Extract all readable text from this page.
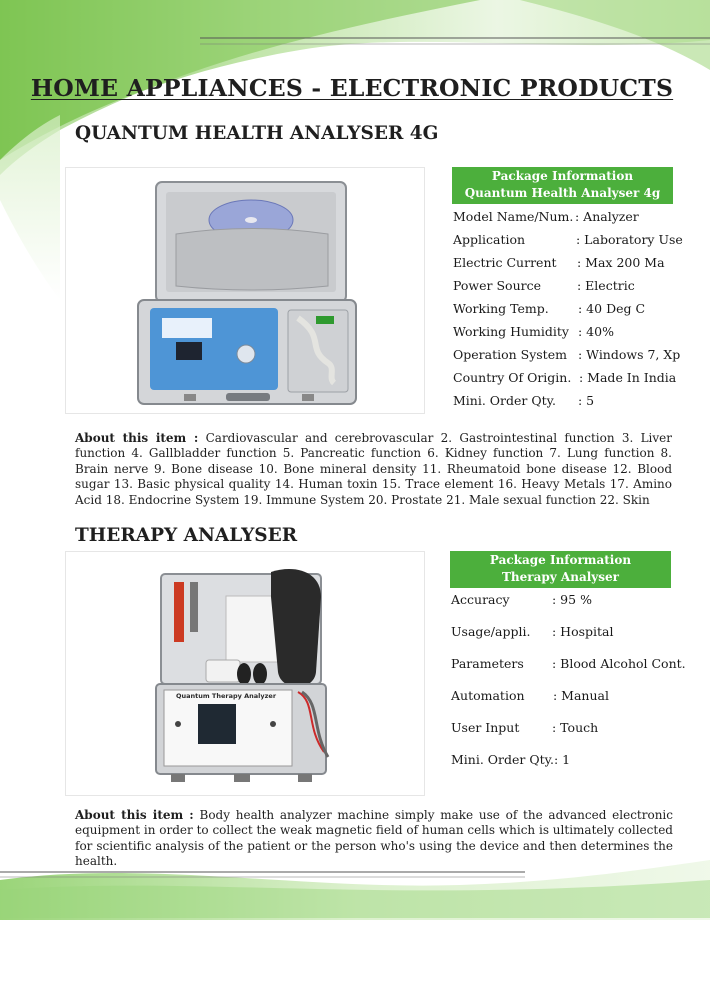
HOME APPLIANCES - ELECTRONIC PRODUCTS
QUANTUM HEALTH ANALYSER 4G
Package Information
Quantum Health Analyser 4g
Model Name/Num. : Analyzer
Application	: Laboratory Use
Electric Current : Max 200 Ma
Power Source	: Electric
Working Temp. : 40 Deg C
Working Humidity : 40%
Operation System : Windows 7, Xp
Country Of Origin. : Made In India
Mini. Order Qty. : 5
About this item : Cardiovascular and cerebrovascular 2. Gastrointestinal function 3. Liver function 4. Gallbladder function 5. Pancreatic function 6. Kidney function 7. Lung function 8. Brain nerve 9. Bone disease 10. Bone mineral density 11. Rheumatoid bone disease 12. Blood sugar 13. Basic physical quality 14. Human toxin 15. Trace element 16. Heavy Metals 17. Amino Acid 18. Endocrine System 19. Immune System 20. Prostate 21. Male sexual function 22. Skin
THERAPY ANALYSER
Quantum Therapy Analyzer
Package Information
Therapy Analyser
Accuracy	: 95 %
Usage/appli. : Hospital
Parameters : Blood Alcohol Cont.
Automation : Manual
User Input	: Touch
Mini. Order Qty. : 1
About this item : Body health analyzer machine simply make use of the advanced electronic equipment in order to collect the weak magnetic field of human cells which is ultimately collected for scientific analysis of the patient or the person who's using the device and then determines the health.
